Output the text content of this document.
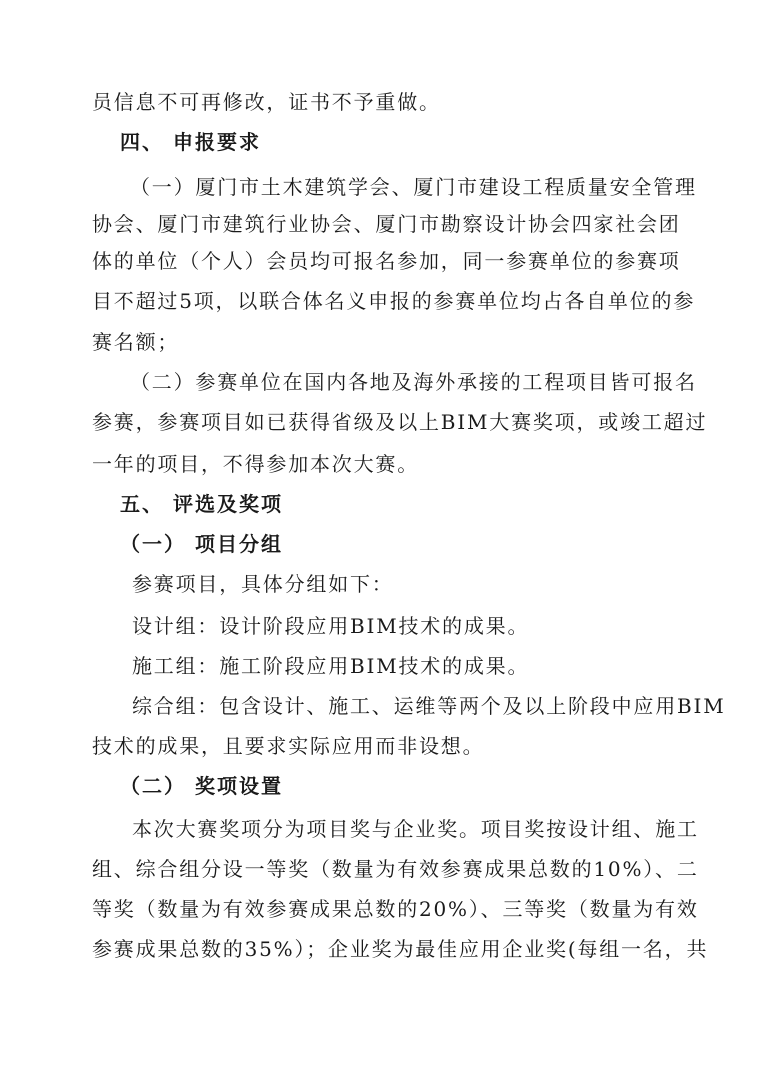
员信息不可再修改，证书不予重做。
四、 申报要求
（一）厦门市土木建筑学会、厦门市建设工程质量安全管理
协会、厦门市建筑行业协会、厦门市勘察设计协会四家社会团
体的单位（个人）会员均可报名参加，同一参赛单位的参赛项
目不超过5项，以联合体名义申报的参赛单位均占各自单位的参
赛名额；
（二）参赛单位在国内各地及海外承接的工程项目皆可报名
参赛，参赛项目如已获得省级及以上BIM大赛奖项，或竣工超过
一年的项目，不得参加本次大赛。
五、 评选及奖项
（一） 项目分组
参赛项目，具体分组如下：
设计组：设计阶段应用BIM技术的成果。
施工组：施工阶段应用BIM技术的成果。
综合组：包含设计、施工、运维等两个及以上阶段中应用BIM
技术的成果，且要求实际应用而非设想。
（二） 奖项设置
本次大赛奖项分为项目奖与企业奖。项目奖按设计组、施工
组、综合组分设一等奖（数量为有效参赛成果总数的10%）、二
等奖（数量为有效参赛成果总数的20%）、三等奖（数量为有效
参赛成果总数的35%）；企业奖为最佳应用企业奖(每组一名，共
